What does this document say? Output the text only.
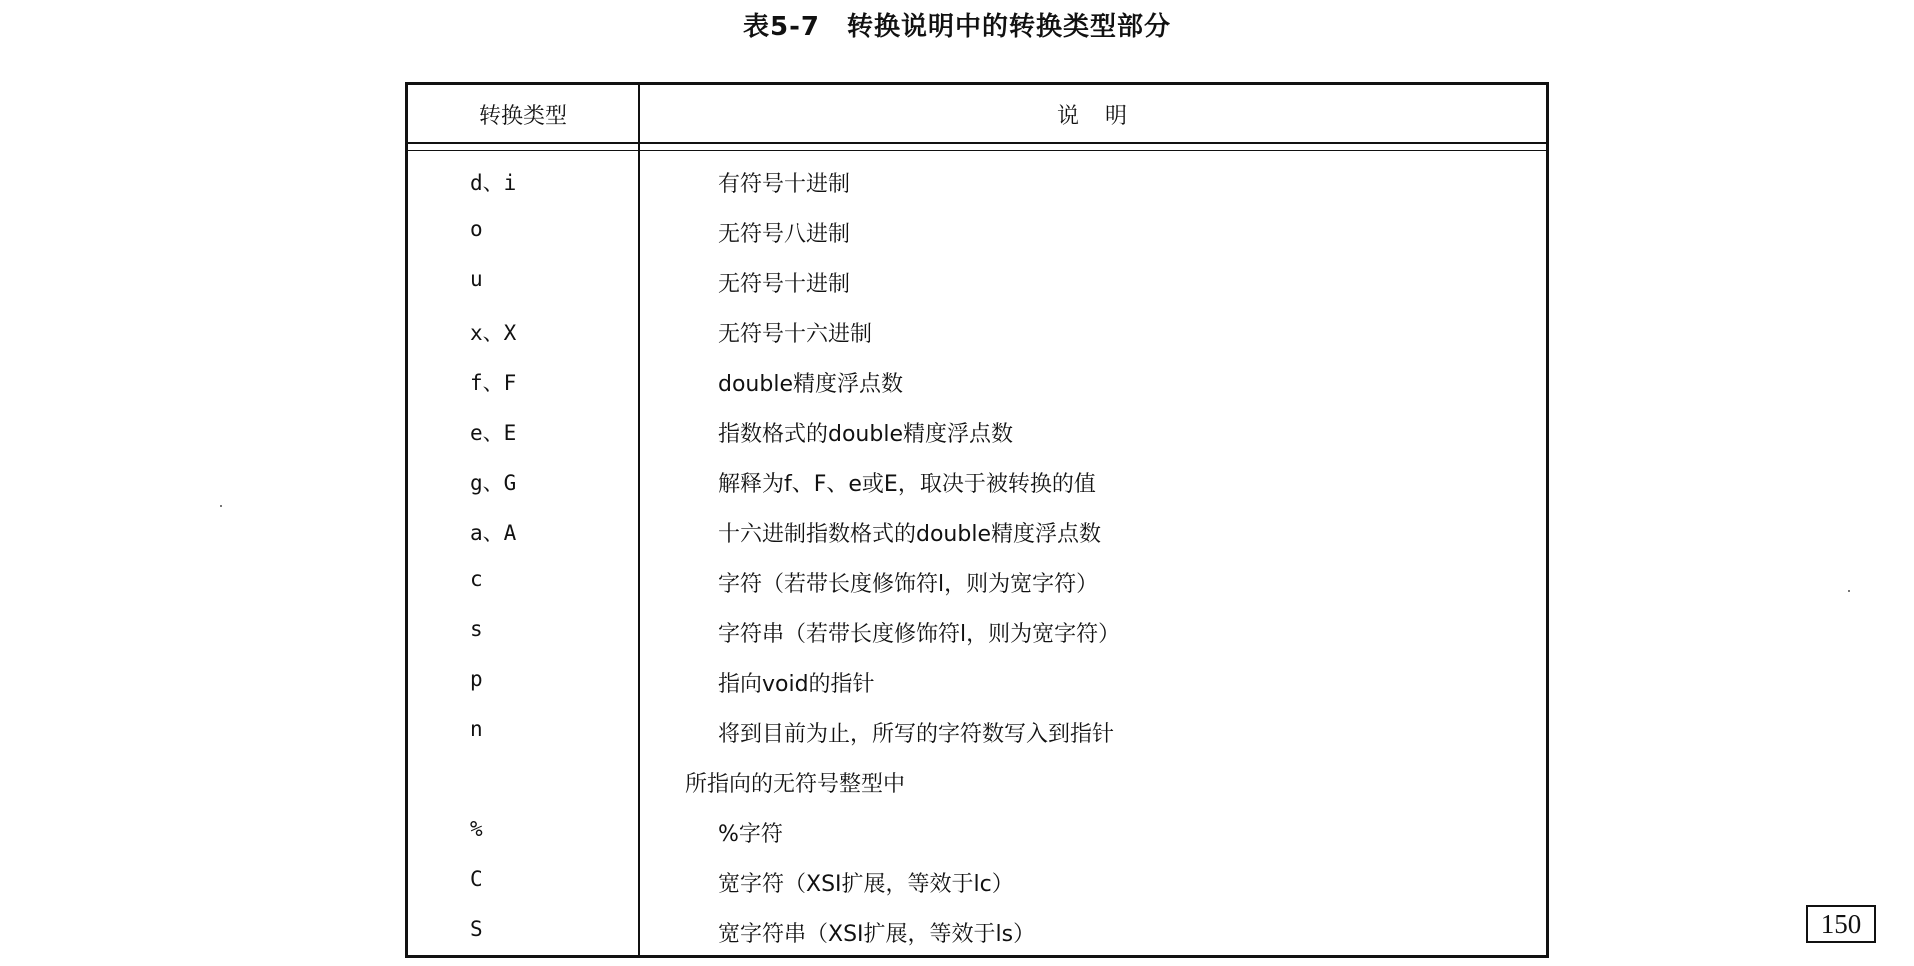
表5-7　转换说明中的转换类型部分
转换类型	说　明
d、i	有符号十进制
o	无符号八进制
u	无符号十进制
x、X	无符号十六进制
f、F	double精度浮点数
e、E	指数格式的double精度浮点数
g、G	解释为f、F、e或E，取决于被转换的值
a、A	十六进制指数格式的double精度浮点数
c	字符（若带长度修饰符l，则为宽字符）
s	字符串（若带长度修饰符l，则为宽字符）
p	指向void的指针
n	将到目前为止，所写的字符数写入到指针
所指向的无符号整型中
%	%字符
C	宽字符（XSI扩展，等效于lc）
S	宽字符串（XSI扩展，等效于ls）	150
